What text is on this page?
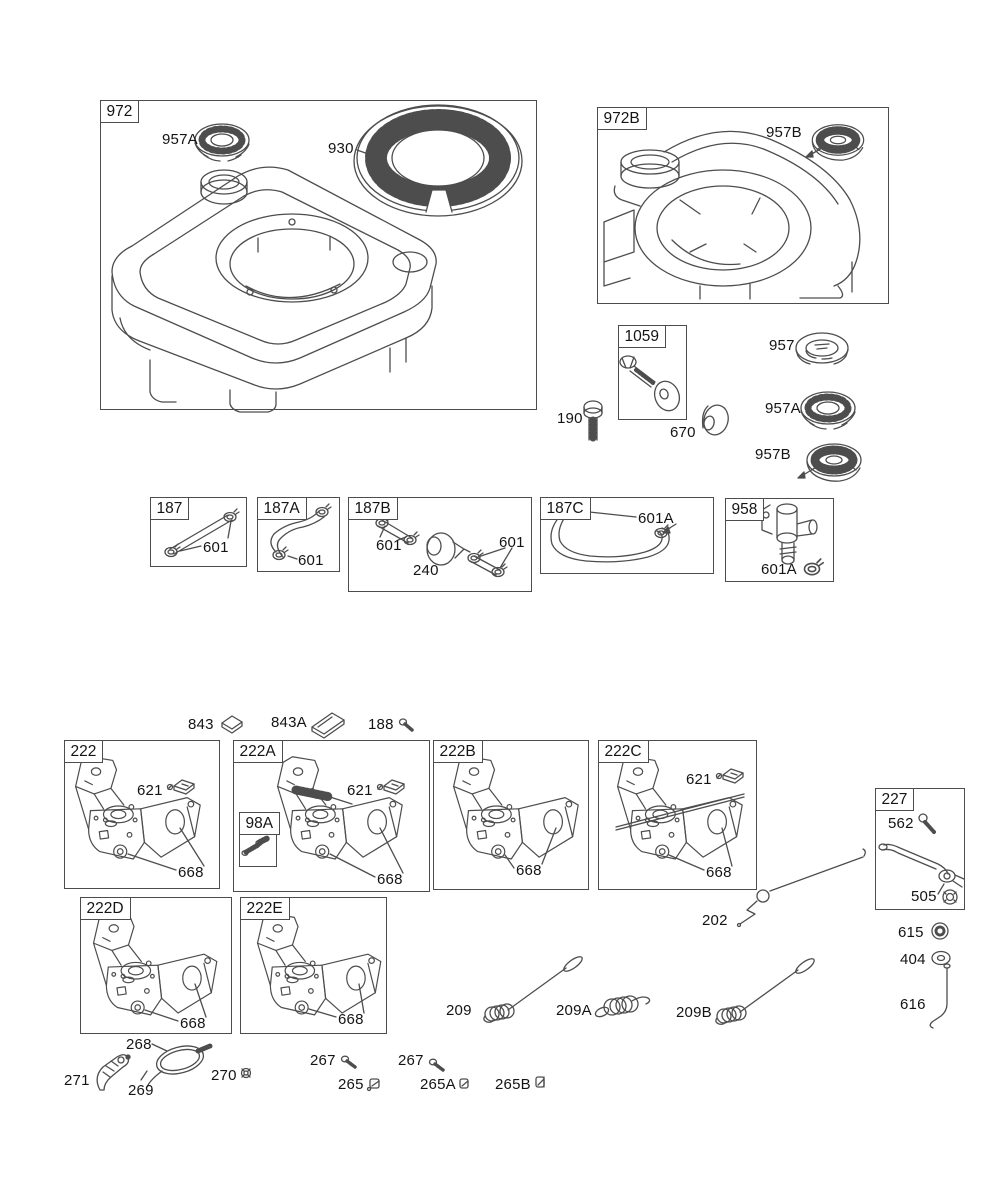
972	972B
1059
187	187A	187B	187C	958
222	222A
98A
222B	222C
227
222D	222E
957A
930
957B
190
670
957
957A
957B
601
601
601
240
601
601A
601A
843	843A	188
621	621
621
668	668
668	668
668	668
562
505
202
615
404
616
209	209A	209B
268
271
269
270
267	267
265	265A	265B
